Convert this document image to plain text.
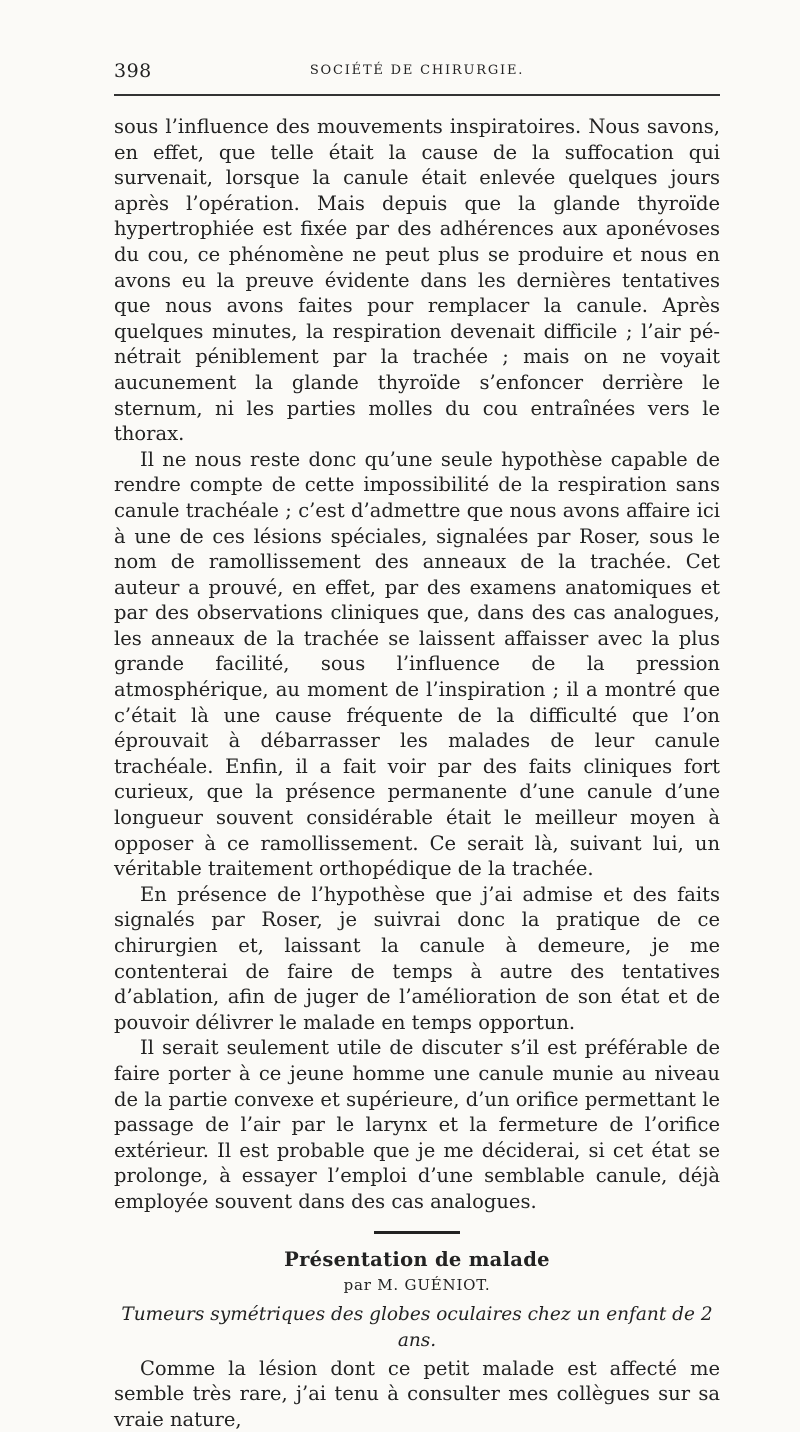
398	SOCIÉTÉ DE CHIRURGIE.

sous l’influence des mouvements inspiratoires. Nous savons, en effet, que telle était la cause de la suffocation qui survenait, lorsque la canule était enlevée quelques jours après l’opération. Mais depuis que la glande thyroïde hypertrophiée est fixée par des adhérences aux aponévoses du cou, ce phénomène ne peut plus se produire et nous en avons eu la preuve évidente dans les dernières tentatives que nous avons faites pour remplacer la canule. Après quelques minutes, la respiration devenait difficile ; l’air pénétrait péniblement par la trachée ; mais on ne voyait aucunement la glande thyroïde s’enfoncer derrière le sternum, ni les parties molles du cou entraînées vers le thorax.

Il ne nous reste donc qu’une seule hypothèse capable de rendre compte de cette impossibilité de la respiration sans canule trachéale ; c’est d’admettre que nous avons affaire ici à une de ces lésions spéciales, signalées par Roser, sous le nom de ramollissement des anneaux de la trachée. Cet auteur a prouvé, en effet, par des examens anatomiques et par des observations cliniques que, dans des cas analogues, les anneaux de la trachée se laissent affaisser avec la plus grande facilité, sous l’influence de la pression atmosphérique, au moment de l’inspiration ; il a montré que c’était là une cause fréquente de la difficulté que l’on éprouvait à débarrasser les malades de leur canule trachéale. Enfin, il a fait voir par des faits cliniques fort curieux, que la présence permanente d’une canule d’une longueur souvent considérable était le meilleur moyen à opposer à ce ramollissement. Ce serait là, suivant lui, un véritable traitement orthopédique de la trachée.

En présence de l’hypothèse que j’ai admise et des faits signalés par Roser, je suivrai donc la pratique de ce chirurgien et, laissant la canule à demeure, je me contenterai de faire de temps à autre des tentatives d’ablation, afin de juger de l’amélioration de son état et de pouvoir délivrer le malade en temps opportun.

Il serait seulement utile de discuter s’il est préférable de faire porter à ce jeune homme une canule munie au niveau de la partie convexe et supérieure, d’un orifice permettant le passage de l’air par le larynx et la fermeture de l’orifice extérieur. Il est probable que je me déciderai, si cet état se prolonge, à essayer l’emploi d’une semblable canule, déjà employée souvent dans des cas analogues.

Présentation de malade

par M. GUÉNIOT.

Tumeurs symétriques des globes oculaires chez un enfant de 2 ans.

Comme la lésion dont ce petit malade est affecté me semble très rare, j’ai tenu à consulter mes collègues sur sa vraie nature,
